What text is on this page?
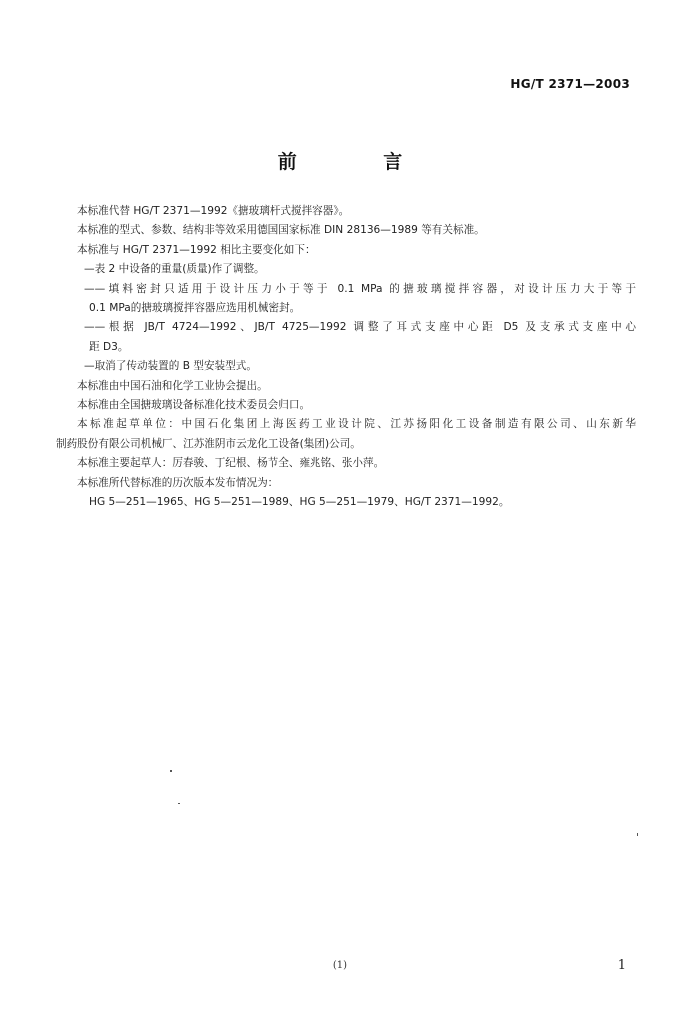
HG/T 2371—2003
前 言

本标准代替 HG/T 2371—1992《搪玻璃杆式搅拌容器》。

本标准的型式、参数、结构非等效采用德国国家标准 DIN 28136—1989 等有关标准。

本标准与 HG/T 2371—1992 相比主要变化如下：

—表 2 中设备的重量(质量)作了调整。

——填料密封只适用于设计压力小于等于 0.1 MPa 的搪玻璃搅拌容器，对设计压力大于等于

0.1 MPa的搪玻璃搅拌容器应选用机械密封。

——根据 JB/T 4724—1992、JB/T 4725—1992 调整了耳式支座中心距 D5 及支承式支座中心

距 D3。

—取消了传动装置的 B 型安装型式。

本标准由中国石油和化学工业协会提出。

本标准由全国搪玻璃设备标准化技术委员会归口。

本标准起草单位：中国石化集团上海医药工业设计院、江苏扬阳化工设备制造有限公司、山东新华

制药股份有限公司机械厂、江苏淮阴市云龙化工设备(集团)公司。

本标准主要起草人：厉春骏、丁纪根、杨节全、雍兆铭、张小萍。

本标准所代替标准的历次版本发布情况为：

HG 5—251—1965、HG 5—251—1989、HG 5—251—1979、HG/T 2371—1992。

(1)	1
